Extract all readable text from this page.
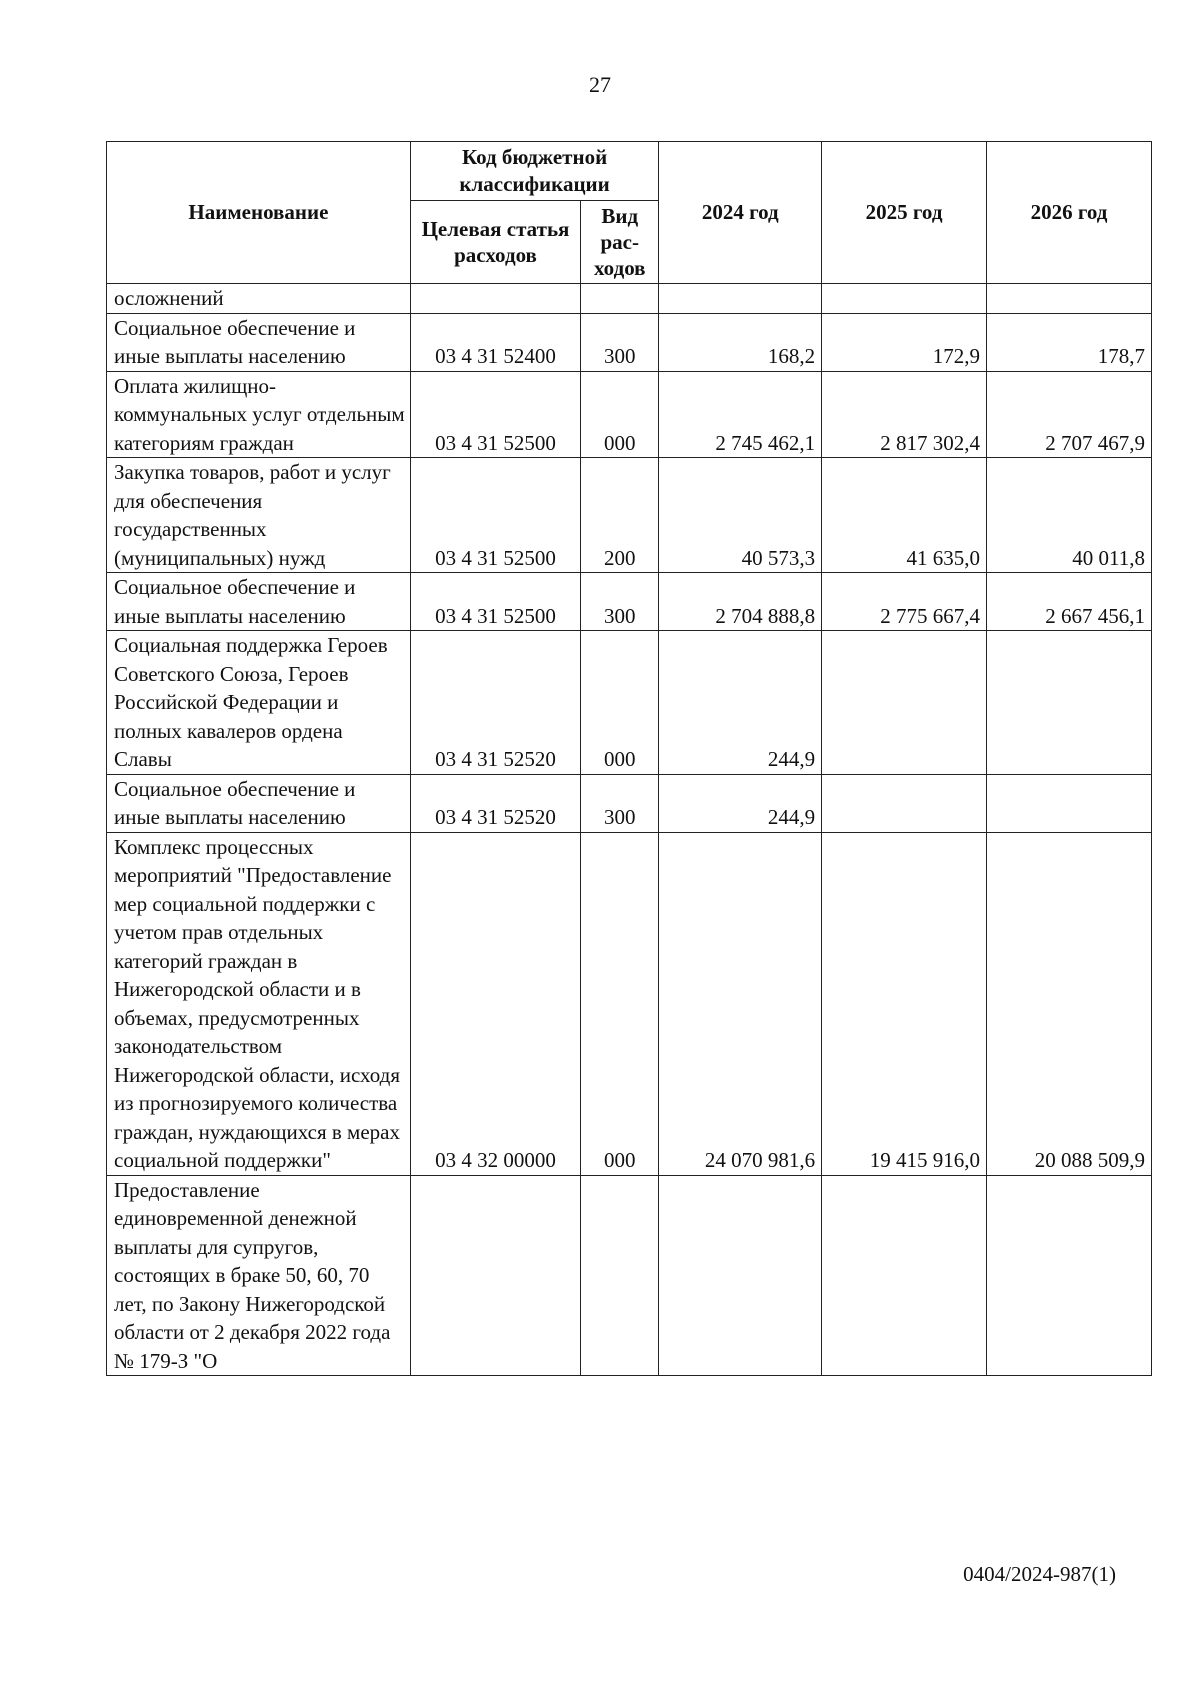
27
Наименование	Код бюджетной классификации		2024 год	2025 год	2026 год
	Целевая статья расходов	Вид рас-ходов			
осложнений					
Социальное обеспечение и иные выплаты населению	03 4 31 52400	300	168,2	172,9	178,7
Оплата жилищно-коммунальных услуг отдельным категориям граждан	03 4 31 52500	000	2 745 462,1	2 817 302,4	2 707 467,9
Закупка товаров, работ и услуг для обеспечения государственных (муниципальных) нужд	03 4 31 52500	200	40 573,3	41 635,0	40 011,8
Социальное обеспечение и иные выплаты населению	03 4 31 52500	300	2 704 888,8	2 775 667,4	2 667 456,1
Социальная поддержка Героев Советского Союза, Героев Российской Федерации и полных кавалеров ордена Славы	03 4 31 52520	000	244,9		
Социальное обеспечение и иные выплаты населению	03 4 31 52520	300	244,9		
Комплекс процессных мероприятий "Предоставление мер социальной поддержки с учетом прав отдельных категорий граждан в Нижегородской области и в объемах, предусмотренных законодательством Нижегородской области, исходя из прогнозируемого количества граждан, нуждающихся в мерах социальной поддержки"	03 4 32 00000	000	24 070 981,6	19 415 916,0	20 088 509,9
Предоставление единовременной денежной выплаты для супругов, состоящих в браке 50, 60, 70 лет, по Закону Нижегородской области от 2 декабря 2022 года № 179-З "О					
0404/2024-987(1)
